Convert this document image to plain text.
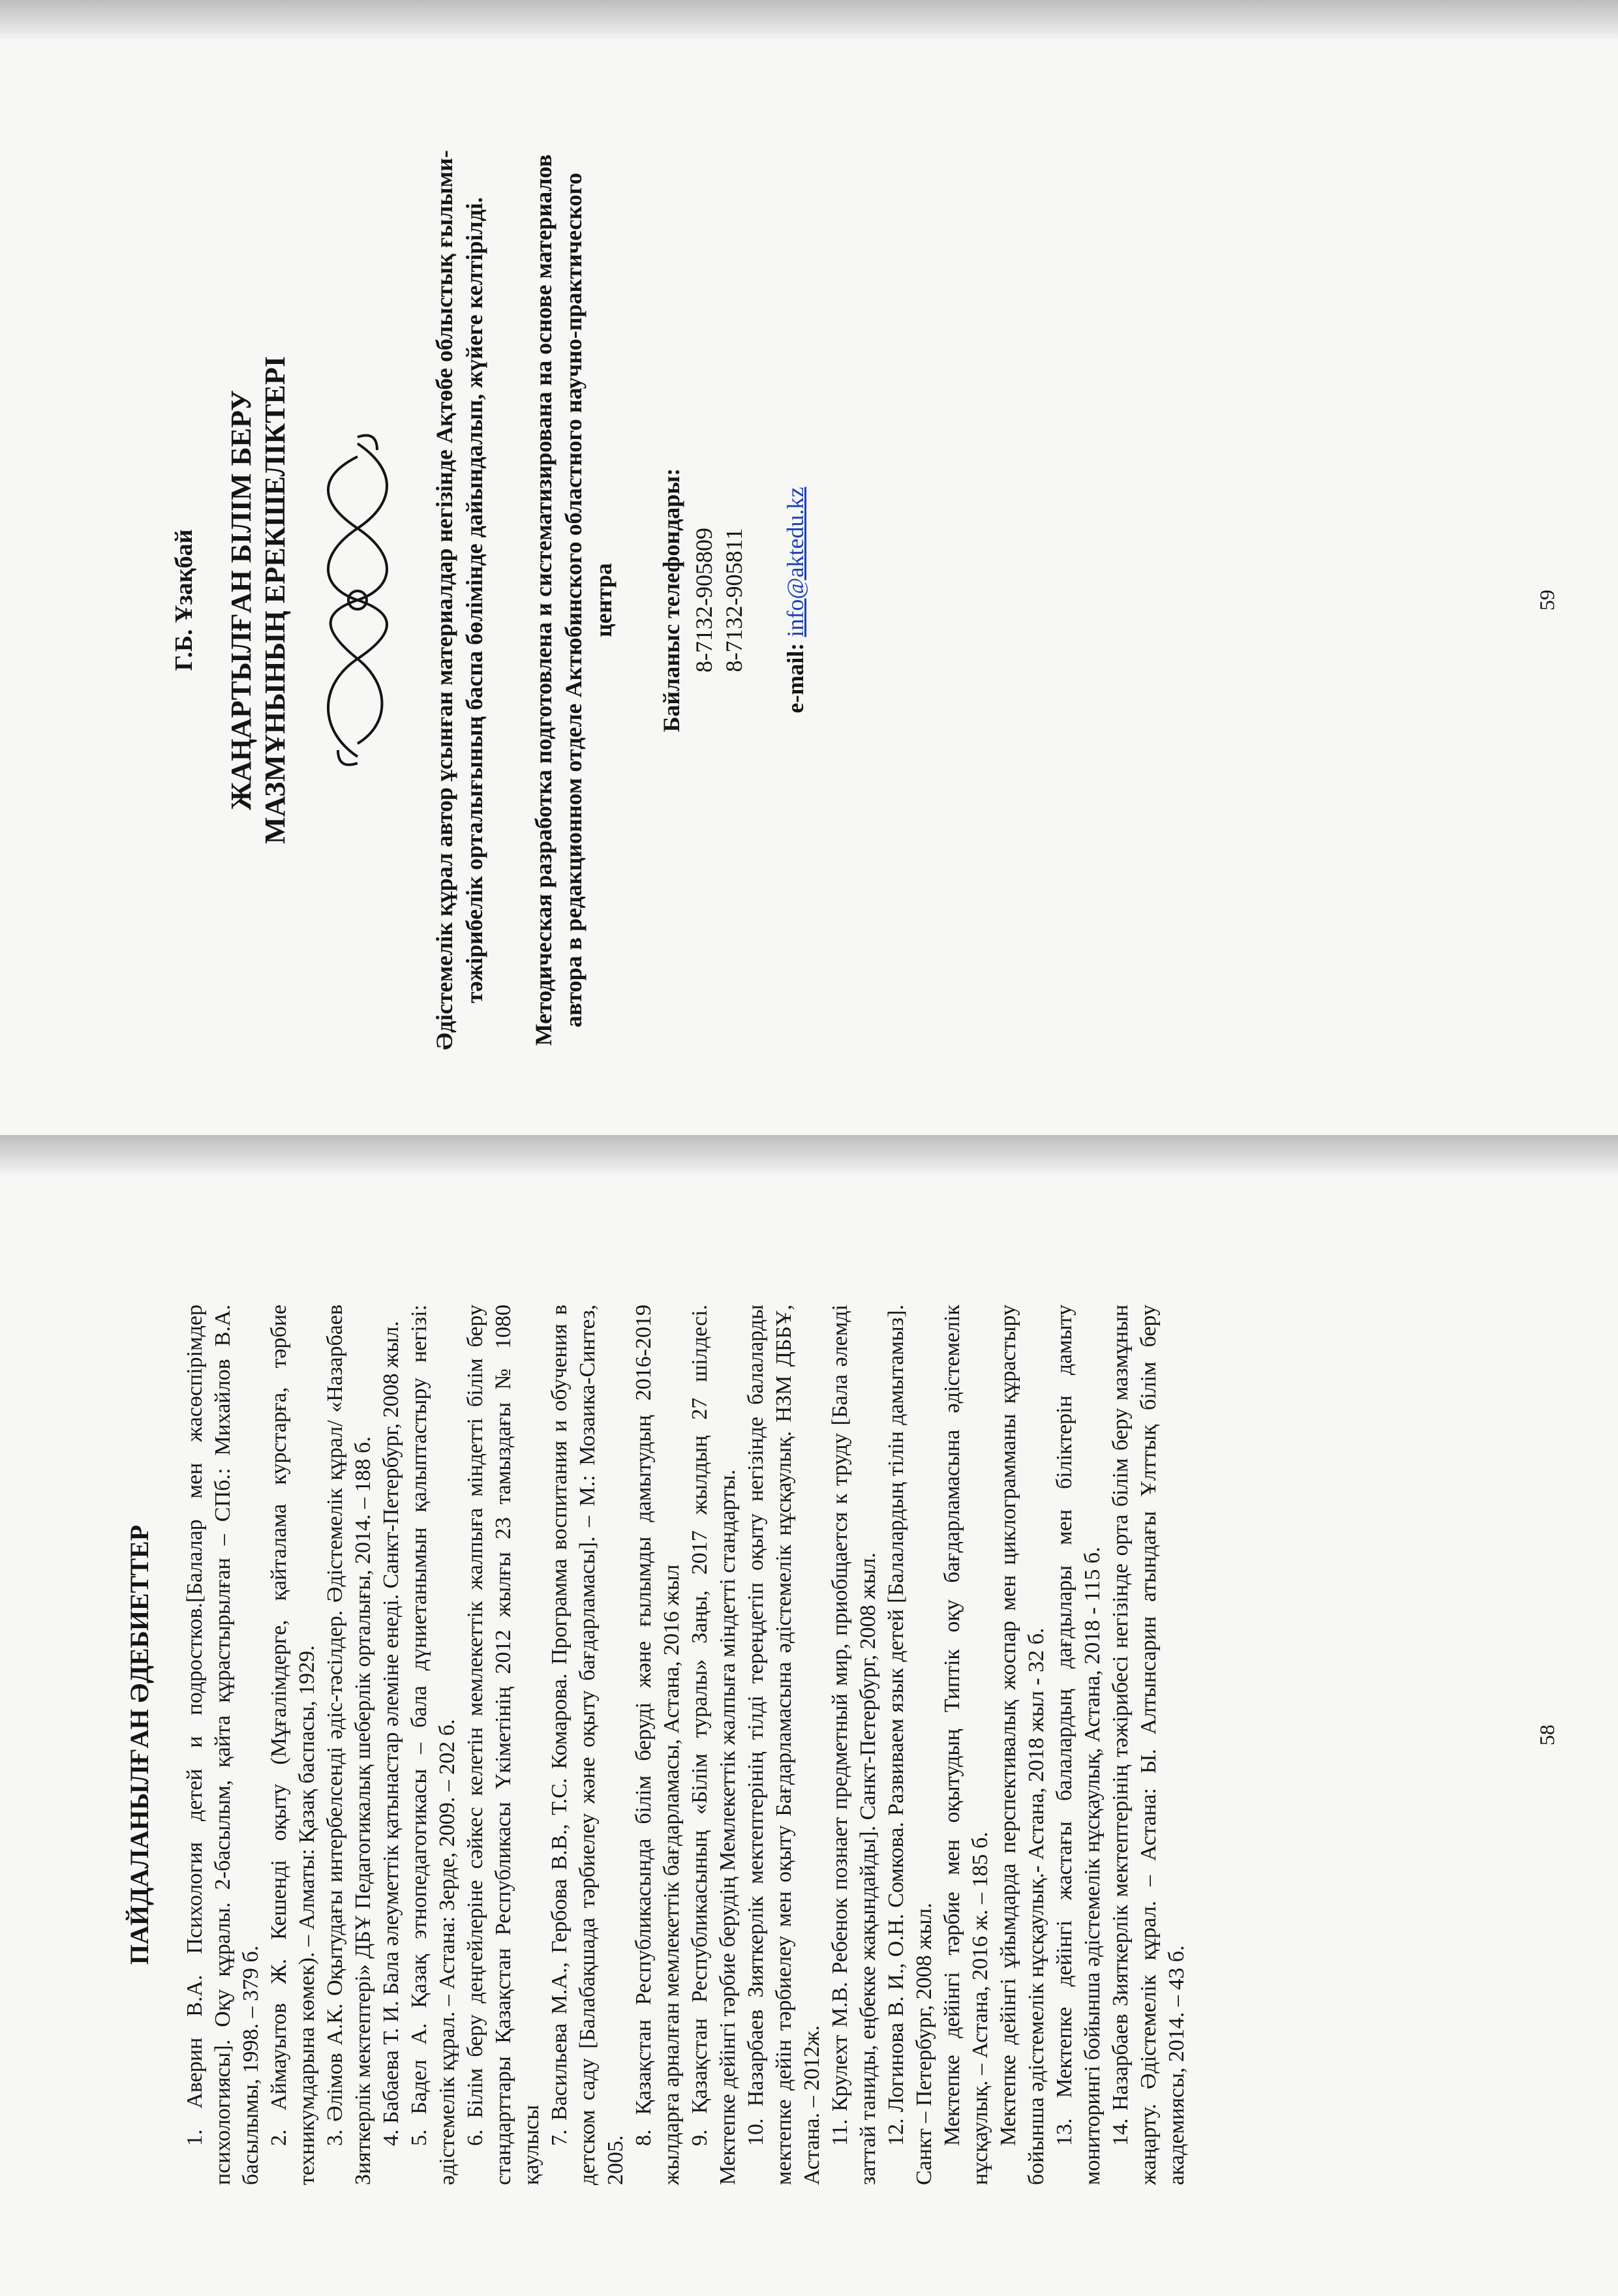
Г.Б. Ұзақбай ЖАҢАРТЫЛҒАН БІЛІМ БЕРУ
МАЗМҰНЫНЫҢ ЕРЕКШЕЛІКТЕРІ	Әдістемелік құрал автор ұсынған материалдар негізінде Ақтөбе облыстық ғылыми-тәжірибелік орталығының баспа бөлімінде дайындалып, жүйеге келтірілді. Методическая разработка подготовлена и систематизирована на основе материалов автора в редакционном отделе Актюбинского областного научно-практического центра Байланыс телефондары: 8-7132-905809 8-7132-905811
e-mail: info@aktedu.kz	59

ПАЙДАЛАНЫЛҒАН ӘДЕБИЕТТЕР 1. Аверин В.А. Психология детей и подростков.[Балалар мен жасөспірімдер психологиясы]. Оқу құралы. 2-басылым, қайта құрастырылған – СПб.: Михайлов В.А. басылымы, 1998. – 379 б. 2. Аймауытов Ж. Кешенді оқыту (Мұғалімдерге, қайталама курстарға, тәрбие техникумдарына көмек). – Алматы: Қазақ баспасы, 1929. 3. Әлімов А.К. Оқытудағы интербелсенді әдіс-тәсілдер. Әдістемелік құрал/ «Назарбаев Зияткерлік мектептері» ДБҰ Педагогикалық шеберлік орталығы, 2014. – 188 б. 4. Бабаева Т. И. Бала әлеуметтік қатынастар әлеміне енеді. Санкт-Петербург, 2008 жыл. 5. Бадел А. Қазақ этнопедагогикасы – бала дүниетанымын қалыптастыру негізі: әдістемелік құрал. – Астана: Зерде, 2009. – 202 б. 6. Білім беру деңгейлеріне сәйкес келетін мемлекеттік жалпыға міндетті білім беру стандарттары Қазақстан Республикасы Үкіметінің 2012 жылғы 23 тамыздағы № 1080 қаулысы 7. Васильева М.А., Гербова В.В., Т.С. Комарова. Программа воспитания и обучения в детском саду [Балабақшада тәрбиелеу және оқыту бағдарламасы]. – М.: Мозаика-Синтез, 2005.

8. Қазақстан Республикасында білім беруді және ғылымды дамытудың 2016-2019 жылдарға арналған мемлекеттік бағдарламасы, Астана, 2016 жыл 9. Қазақстан Республикасының «Білім туралы» Заңы, 2017 жылдың 27 шілдесі. Мектепке дейінгі тәрбие берудің Мемлекеттік жалпыға міндетті стандарты. 10. Назарбаев Зияткерлік мектептерінің тілді тереңдетіп оқыту негізінде балаларды мектепке дейін тәрбиелеу мен оқыту Бағдарламасына әдістемелік нұсқаулық. НЗМ ДББҰ, Астана. – 2012ж. 11. Крулехт М.В. Ребенок познает предметный мир, приобщается к труду [Бала әлемді заттай таниды, еңбекке жақындайды]. Санкт-Петербург, 2008 жыл. 12. Логинова В. И., О.Н. Сомкова. Развиваем язык детей [Балалардың тілін дамытамыз]. Санкт – Петербург, 2008 жыл. Мектепке дейінгі тәрбие мен оқытудың Типтік оқу бағдарламасына әдістемелік нұсқаулық. – Астана, 2016 ж. – 185 б. Мектепке дейінгі ұйымдарда перспективалық жоспар мен циклограмманы құрастыру бойынша әдістемелік нұсқаулық.- Астана, 2018 жыл - 32 б. 13. Мектепке дейінгі жастағы балалардың дағдылары мен біліктерін дамыту мониторингі бойынша әдістемелік нұсқаулық, Астана, 2018 - 115 б. 14. Назарбаев Зияткерлік мектептерінің тәжірибесі негізінде орта білім беру мазмұнын жаңарту. Әдістемелік құрал. – Астана: Ы. Алтынсарин атындағы Ұлттық білім беру академиясы, 2014. – 43 б.

58
